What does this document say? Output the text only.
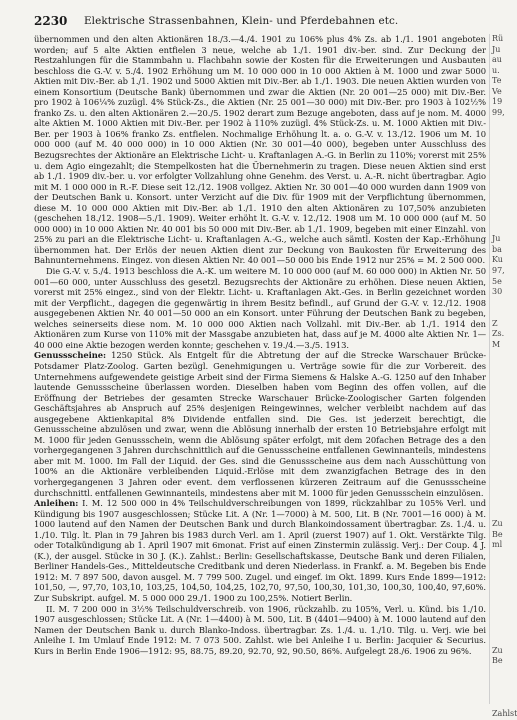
2230 Elektrische Strassenbahnen, Klein- und Pferdebahnen etc.

übernommen und den alten Aktionären 18./3.—4./4. 1901 zu 106% plus 4% Zs. ab 1./1. 1901 angeboten worden; auf 5 alte Aktien entfielen 3 neue, welche ab 1./1. 1901 div.-ber. sind. Zur Deckung der Restzahlungen für die Stammbahn u. Flachbahn sowie der Kosten für die Erweiterungen und Ausbauten beschloss die G.-V. v. 5./4. 1902 Erhöhung um M. 10 000 000 in 10 000 Aktien à M. 1000 und zwar 5000 Aktien mit Div.-Ber. ab 1./1. 1902 und 5000 Aktien mit Div.-Ber. ab 1./1. 1903. Die neuen Aktien wurden von einem Konsortium (Deutsche Bank) übernommen und zwar die Aktien (Nr. 20 001—25 000) mit Div.-Ber. pro 1902 à 106¼% zuzügl. 4% Stück-Zs., die Aktien (Nr. 25 001—30 000) mit Div.-Ber. pro 1903 à 102½% franko Zs. u. den alten Aktionären 2.—20./5. 1902 derart zum Bezuge angeboten, dass auf je nom. M. 4000 alte Aktien M. 1000 Aktien mit Div.-Ber. per 1902 à 110% zuzügl. 4% Stück-Zs. u. M. 1000 Aktien mit Div.-Ber. per 1903 à 106% franko Zs. entfielen. Nochmalige Erhöhung lt. a. o. G.-V. v. 13./12. 1906 um M. 10 000 000 (auf M. 40 000 000) in 10 000 Aktien (Nr. 30 001—40 000), begeben unter Ausschluss des Bezugsrechtes der Aktionäre an Elektrische Licht- u. Kraftanlagen A.-G. in Berlin zu 110%; vorerst mit 25% u. dem Agio eingezahlt; die Stempelkosten hat die Übernehmerin zu tragen. Diese neuen Aktien sind erst ab 1./1. 1909 div.-ber. u. vor erfolgter Vollzahlung ohne Genehm. des Verst. u. A.-R. nicht übertragbar. Agio mit M. 1 000 000 in R.-F. Diese seit 12./12. 1908 vollgez. Aktien Nr. 30 001—40 000 wurden dann 1909 von der Deutschen Bank u. Konsort. unter Verzicht auf die Div. für 1909 mit der Verpflichtung übernommen, diese M. 10 000 000 Aktien mit Div.-Ber. ab 1./1. 1910 den alten Aktionären zu 107,50% anzubieten (geschehen 18./12. 1908—5./1. 1909). Weiter erhöht lt. G.-V. v. 12./12. 1908 um M. 10 000 000 (auf M. 50 000 000) in 10 000 Aktien Nr. 40 001 bis 50 000 mit Div.-Ber. ab 1./1. 1909, begeben mit einer Einzahl. von 25% zu pari an die Elektrische Licht- u. Kraftanlagen A.-G., welche auch sämtl. Kosten der Kap.-Erhöhung übernommen hat. Der Erlös der neuen Aktien dient zur Deckung von Baukosten für Erweiterung des Bahnunternehmens. Eingez. von diesen Aktien Nr. 40 001—50 000 bis Ende 1912 nur 25% = M. 2 500 000.

Die G.-V. v. 5./4. 1913 beschloss die A.-K. um weitere M. 10 000 000 (auf M. 60 000 000) in Aktien Nr. 50 001—60 000, unter Ausschluss des gesetzl. Bezugsrechts der Aktionäre zu erhöhen. Diese neuen Aktien, vorerst mit 25% eingez., sind von der Elektr. Licht- u. Kraftanlagen Akt.-Ges. in Berlin gezeichnet worden mit der Verpflicht., dagegen die gegenwärtig in ihrem Besitz befindl., auf Grund der G.-V. v. 12./12. 1908 ausgegebenen Aktien Nr. 40 001—50 000 an ein Konsort. unter Führung der Deutschen Bank zu begeben, welches seinerseits diese nom. M. 10 000 000 Aktien nach Vollzahl. mit Div.-Ber. ab 1./1. 1914 den Aktionären zum Kurse von 110% mit der Massgabe anzubieten hat, dass auf je M. 4000 alte Aktien Nr. 1—40 000 eine Aktie bezogen werden konnte; geschehen v. 19./4.—3./5. 1913.

Genussscheine: 1250 Stück. Als Entgelt für die Abtretung der auf die Strecke Warschauer Brücke-Potsdamer Platz-Zoolog. Garten bezügl. Genehmigungen u. Verträge sowie für die zur Vorbereit. des Unternehmens aufgewendete geistige Arbeit sind der Firma Siemens & Halske A.-G. 1250 auf den Inhaber lautende Genussscheine überlassen worden. Dieselben haben vom Beginn des offen vollen, auf die Eröffnung der Betriebes der gesamten Strecke Warschauer Brücke-Zoologischer Garten folgenden Geschäftsjahres ab Anspruch auf 25% desjenigen Reingewinnes, welcher verbleibt nachdem auf das ausgegebene Aktienkapital 8% Dividende entfallen sind. Die Ges. ist jederzeit berechtigt, die Genussscheine abzulösen und zwar, wenn die Ablösung innerhalb der ersten 10 Betriebsjahre erfolgt mit M. 1000 für jeden Genussschein, wenn die Ablösung später erfolgt, mit dem 20fachen Betrage des a den vorhergegangenen 3 Jahren durchschnittlich auf die Genussscheine entfallenen Gewinnanteils, mindestens aber mit M. 1000. Im Fall der Liquid. der Ges. sind die Genussscheine aus dem nach Ausschüttung von 100% an die Aktionäre verbleibenden Liquid.-Erlöse mit dem zwanzigfachen Betrage des in den vorhergegangenen 3 Jahren oder event. dem verflossenen kürzeren Zeitraum auf die Genussscheine durchschnittl. entfallenen Gewinnanteils, mindestens aber mit M. 1000 für jeden Genussschein einzulösen.

Anleihen: I. M. 12 500 000 in 4% Teilschuldverschreibungen von 1899, rückzahlbar zu 105% Verl. und Kündigung bis 1907 ausgeschlossen; Stücke Lit. A (Nr. 1—7000) à M. 500, Lit. B (Nr. 7001—16 000) à M. 1000 lautend auf den Namen der Deutschen Bank und durch Blankoindossament übertragbar. Zs. 1./4. u. 1./10. Tilg. lt. Plan in 79 Jahren bis 1983 durch Verl. am 1. April (zuerst 1907) auf 1. Okt. Verstärkte Tilg. oder Totalkündigung ab 1. April 1907 mit 6monat. Frist auf einen Zinstermin zulässig. Verj.: Der Coup. 4 J. (K.), der ausgel. Stücke in 30 J. (K.). Zahlst.: Berlin: Gesellschaftskasse, Deutsche Bank und deren Filialen, Berliner Handels-Ges., Mitteldeutsche Creditbank und deren Niederlass. in Frankf. a. M. Begeben bis Ende 1912: M. 7 897 500, davon ausgel. M. 7 799 500. Zugel. und eingef. im Okt. 1899. Kurs Ende 1899—1912: 101,50, —, 97,70, 103,10, 103,25, 104,50, 104,25, 102,70, 97,50, 100,30, 101,30, 100,30, 100,40, 97,60%. Zur Subskript. aufgel. M. 5 000 000 29./1. 1900 zu 100,25%. Notiert Berlin.

II. M. 7 200 000 in 3½% Teilschuldverschreib. von 1906, rückzahlb. zu 105%, Verl. u. Künd. bis 1./10. 1907 ausgeschlossen; Stücke Lit. A (Nr. 1—4400) à M. 500, Lit. B (4401—9400) à M. 1000 lautend auf den Namen der Deutschen Bank u. durch Blanko-Indoss. übertragbar. Zs. 1./4. u. 1./10. Tilg. u. Verj. wie bei Anleihe I. Im Umlauf Ende 1912: M. 7 073 500. Zahlst. wie bei Anleihe I u. Berlin: Jacquier & Securius. Kurs in Berlin Ende 1906—1912: 95, 88.75, 89.20, 92.70, 92, 90.50, 86%. Aufgelegt 28./6. 1906 zu 96%.

Rü
Ju
au
u.
Te
Ve
19
99,

Ju
ba
Ku
97,
5e
30

Z
Zs.
M

Zu
Be
ml

Zu
Be

Zahlst
